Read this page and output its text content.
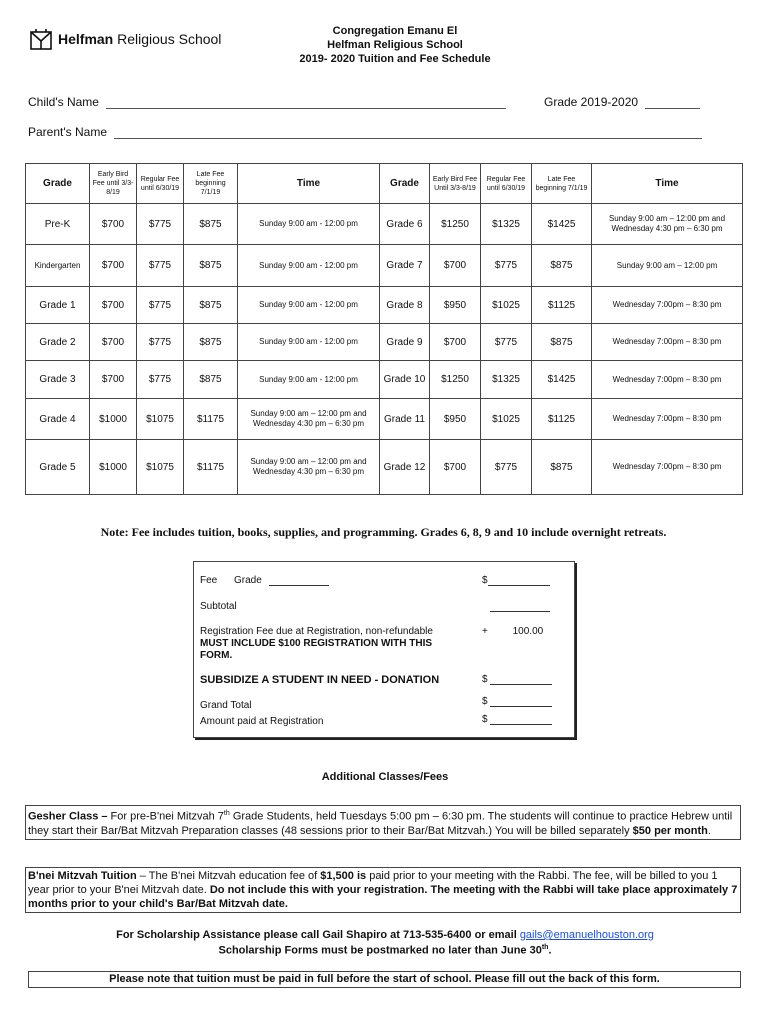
Helfman Religious School	Congregation Emanu El
Helfman Religious School
2019- 2020 Tuition and Fee Schedule
Child's Name	Grade 2019-2020
Parent's Name
Grade	Early Bird Fee until 3/3-8/19	Regular Fee until 6/30/19	Late Fee beginning 7/1/19	Time	Grade	Early Bird Fee Until 3/3-8/19	Regular Fee until 6/30/19	Late Fee beginning 7/1/19	Time
Pre-K	$700	$775	$875	Sunday 9:00 am - 12:00 pm	Grade 6	$1250	$1325	$1425	Sunday 9:00 am – 12:00 pm and Wednesday 4:30 pm – 6:30 pm
Kindergarten	$700	$775	$875	Sunday 9:00 am - 12:00 pm	Grade 7	$700	$775	$875	Sunday 9:00 am – 12:00 pm
Grade 1	$700	$775	$875	Sunday 9:00 am - 12:00 pm	Grade 8	$950	$1025	$1125	Wednesday 7:00pm – 8:30 pm
Grade 2	$700	$775	$875	Sunday 9:00 am - 12:00 pm	Grade 9	$700	$775	$875	Wednesday 7:00pm – 8:30 pm
Grade 3	$700	$775	$875	Sunday 9:00 am - 12:00 pm	Grade 10	$1250	$1325	$1425	Wednesday 7:00pm – 8:30 pm
Grade 4	$1000	$1075	$1175	Sunday 9:00 am – 12:00 pm and Wednesday 4:30 pm – 6:30 pm	Grade 11	$950	$1025	$1125	Wednesday 7:00pm – 8:30 pm
Grade 5	$1000	$1075	$1175	Sunday 9:00 am – 12:00 pm and Wednesday 4:30 pm – 6:30 pm	Grade 12	$700	$775	$875	Wednesday 7:00pm – 8:30 pm
Note: Fee includes tuition, books, supplies, and programming. Grades 6, 8, 9 and 10 include overnight retreats.
Fee Grade	$
Subtotal
Registration Fee due at Registration, non-refundable
MUST INCLUDE $100 REGISTRATION WITH THIS FORM.
+ 100.00
SUBSIDIZE A STUDENT IN NEED - DONATION	$
Grand Total	$
Amount paid at Registration	$
Additional Classes/Fees
Gesher Class – For pre-B'nei Mitzvah 7th Grade Students, held Tuesdays 5:00 pm – 6:30 pm. The students will continue to practice Hebrew until they start their Bar/Bat Mitzvah Preparation classes (48 sessions prior to their Bar/Bat Mitzvah.) You will be billed separately $50 per month.
B'nei Mitzvah Tuition – The B'nei Mitzvah education fee of $1,500 is paid prior to your meeting with the Rabbi. The fee, will be billed to you 1 year prior to your B'nei Mitzvah date. Do not include this with your registration. The meeting with the Rabbi will take place approximately 7 months prior to your child's Bar/Bat Mitzvah date.
For Scholarship Assistance please call Gail Shapiro at 713-535-6400 or email gails@emanuelhouston.org
Scholarship Forms must be postmarked no later than June 30th.
Please note that tuition must be paid in full before the start of school. Please fill out the back of this form.
